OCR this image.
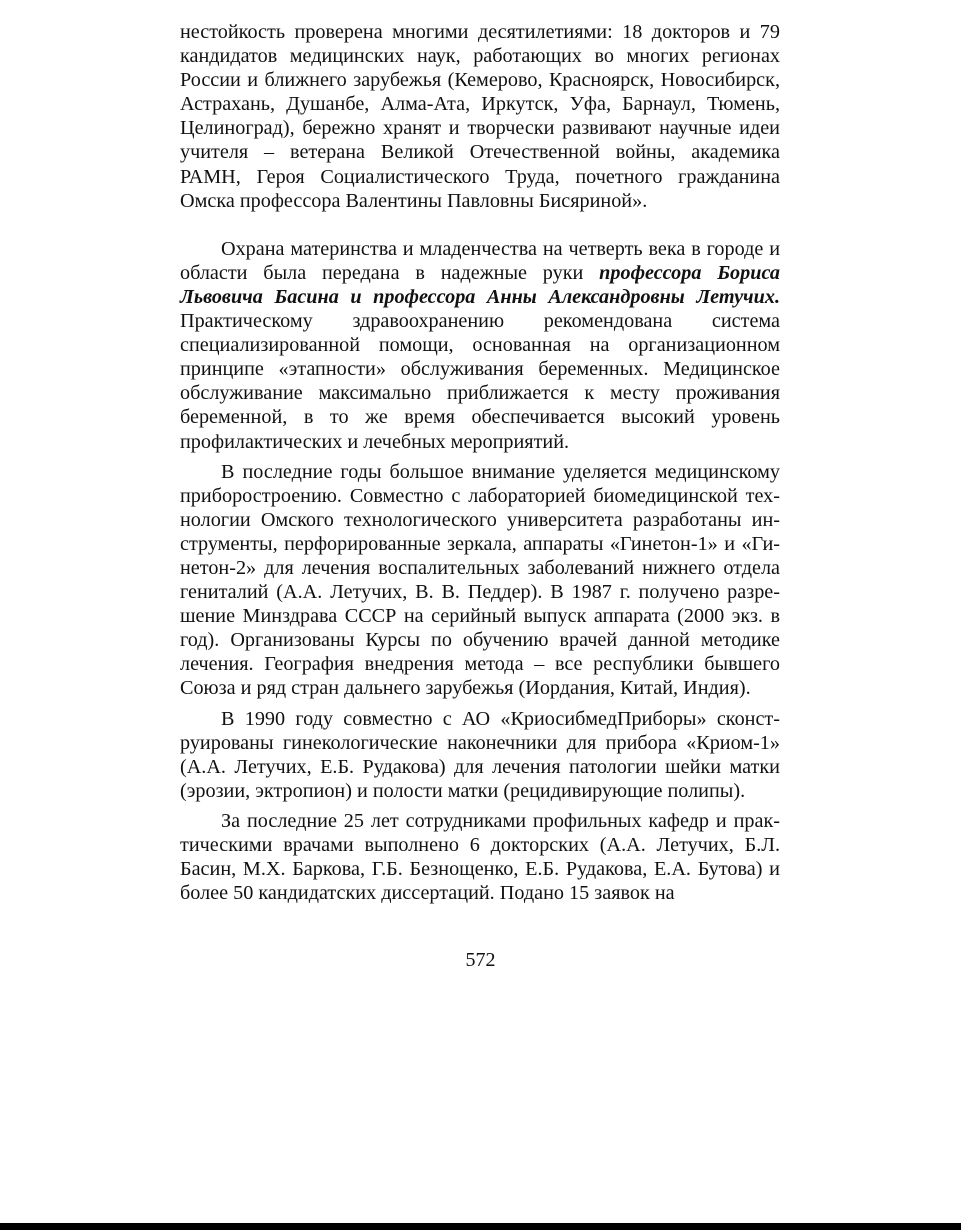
нестойкость проверена многими десятилетиями: 18 докторов и 79 кандидатов медицинских наук, работающих во многих регионах России и ближнего зарубежья (Кемерово, Красноярск, Новосибирск, Астрахань, Душанбе, Алма-Ата, Иркутск, Уфа, Барнаул, Тюмень, Целиноград), бережно хранят и творчески развивают научные идеи учителя – ветерана Великой Отечественной войны, академика РАМН, Героя Социалистического Труда, почетного гражданина Омска профессора Валентины Павловны Бисяриной».

Охрана материнства и младенчества на четверть века в городе и области была передана в надежные руки профессора Бориса Львовича Басина и профессора Анны Александровны Летучих. Практическому здравоохранению рекомендована система специализированной помощи, основанная на организационном принципе «этапности» обслуживания беременных. Медицинское обслуживание максимально приближается к месту проживания беременной, в то же время обеспечивается высокий уровень профилактических и лечебных мероприятий.

В последние годы большое внимание уделяется медицинскому приборостроению. Совместно с лабораторией биомедицинской технологии Омского технологического университета разработаны инструменты, перфорированные зеркала, аппараты «Гинетон-1» и «Гинетон-2» для лечения воспалительных заболеваний нижнего отдела гениталий (А.А. Летучих, В. В. Педдер). В 1987 г. получено разрешение Минздрава СССР на серийный выпуск аппарата (2000 экз. в год). Организованы Курсы по обучению врачей данной методике лечения. География внедрения метода – все республики бывшего Союза и ряд стран дальнего зарубежья (Иордания, Китай, Индия).

В 1990 году совместно с АО «КриосибмедПриборы» сконструированы гинекологические наконечники для прибора «Криом-1» (А.А. Летучих, Е.Б. Рудакова) для лечения патологии шейки матки (эрозии, эктропион) и полости матки (рецидивирующие полипы).

За последние 25 лет сотрудниками профильных кафедр и практическими врачами выполнено 6 докторских (А.А. Летучих, Б.Л. Басин, М.Х. Баркова, Г.Б. Безнощенко, Е.Б. Рудакова, Е.А. Бутова) и более 50 кандидатских диссертаций. Подано 15 заявок на

572
